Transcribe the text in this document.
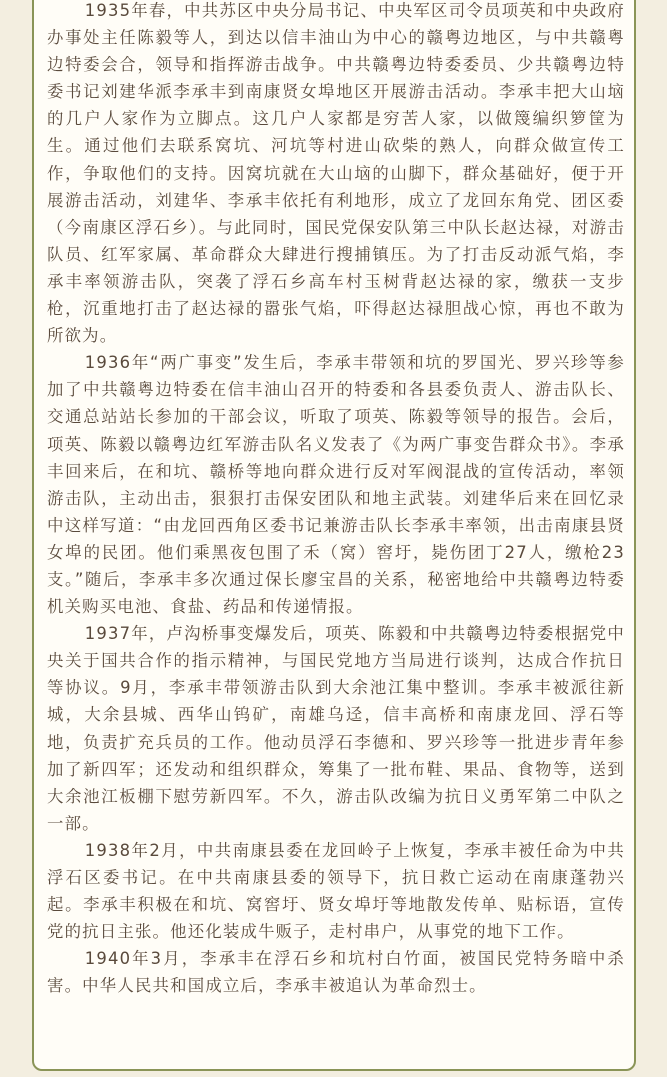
1935年春，中共苏区中央分局书记、中央军区司令员项英和中央政府办事处主任陈毅等人，到达以信丰油山为中心的赣粤边地区，与中共赣粤边特委会合，领导和指挥游击战争。中共赣粤边特委委员、少共赣粤边特委书记刘建华派李承丰到南康贤女埠地区开展游击活动。李承丰把大山垴的几户人家作为立脚点。这几户人家都是穷苦人家，以做篾编织箩筐为生。通过他们去联系窝坑、河坑等村进山砍柴的熟人，向群众做宣传工作，争取他们的支持。因窝坑就在大山垴的山脚下，群众基础好，便于开展游击活动，刘建华、李承丰依托有利地形，成立了龙回东角党、团区委（今南康区浮石乡）。与此同时，国民党保安队第三中队长赵达禄，对游击队员、红军家属、革命群众大肆进行搜捕镇压。为了打击反动派气焰，李承丰率领游击队，突袭了浮石乡高车村玉树背赵达禄的家，缴获一支步枪，沉重地打击了赵达禄的嚣张气焰，吓得赵达禄胆战心惊，再也不敢为所欲为。

1936年“两广事变”发生后，李承丰带领和坑的罗国光、罗兴珍等参加了中共赣粤边特委在信丰油山召开的特委和各县委负责人、游击队长、交通总站站长参加的干部会议，听取了项英、陈毅等领导的报告。会后，项英、陈毅以赣粤边红军游击队名义发表了《为两广事变告群众书》。李承丰回来后，在和坑、赣桥等地向群众进行反对军阀混战的宣传活动，率领游击队，主动出击，狠狠打击保安团队和地主武装。刘建华后来在回忆录中这样写道：“由龙回西角区委书记兼游击队长李承丰率领，出击南康县贤女埠的民团。他们乘黑夜包围了禾（窝）窖圩，毙伤团丁27人，缴枪23支。”随后，李承丰多次通过保长廖宝昌的关系，秘密地给中共赣粤边特委机关购买电池、食盐、药品和传递情报。

1937年，卢沟桥事变爆发后，项英、陈毅和中共赣粤边特委根据党中央关于国共合作的指示精神，与国民党地方当局进行谈判，达成合作抗日等协议。9月，李承丰带领游击队到大余池江集中整训。李承丰被派往新城，大余县城、西华山钨矿，南雄乌迳，信丰高桥和南康龙回、浮石等地，负责扩充兵员的工作。他动员浮石李德和、罗兴珍等一批进步青年参加了新四军；还发动和组织群众，筹集了一批布鞋、果品、食物等，送到大余池江板棚下慰劳新四军。不久，游击队改编为抗日义勇军第二中队之一部。

1938年2月，中共南康县委在龙回岭子上恢复，李承丰被任命为中共浮石区委书记。在中共南康县委的领导下，抗日救亡运动在南康蓬勃兴起。李承丰积极在和坑、窝窖圩、贤女埠圩等地散发传单、贴标语，宣传党的抗日主张。他还化装成牛贩子，走村串户，从事党的地下工作。

1940年3月，李承丰在浮石乡和坑村白竹面，被国民党特务暗中杀害。中华人民共和国成立后，李承丰被追认为革命烈士。
